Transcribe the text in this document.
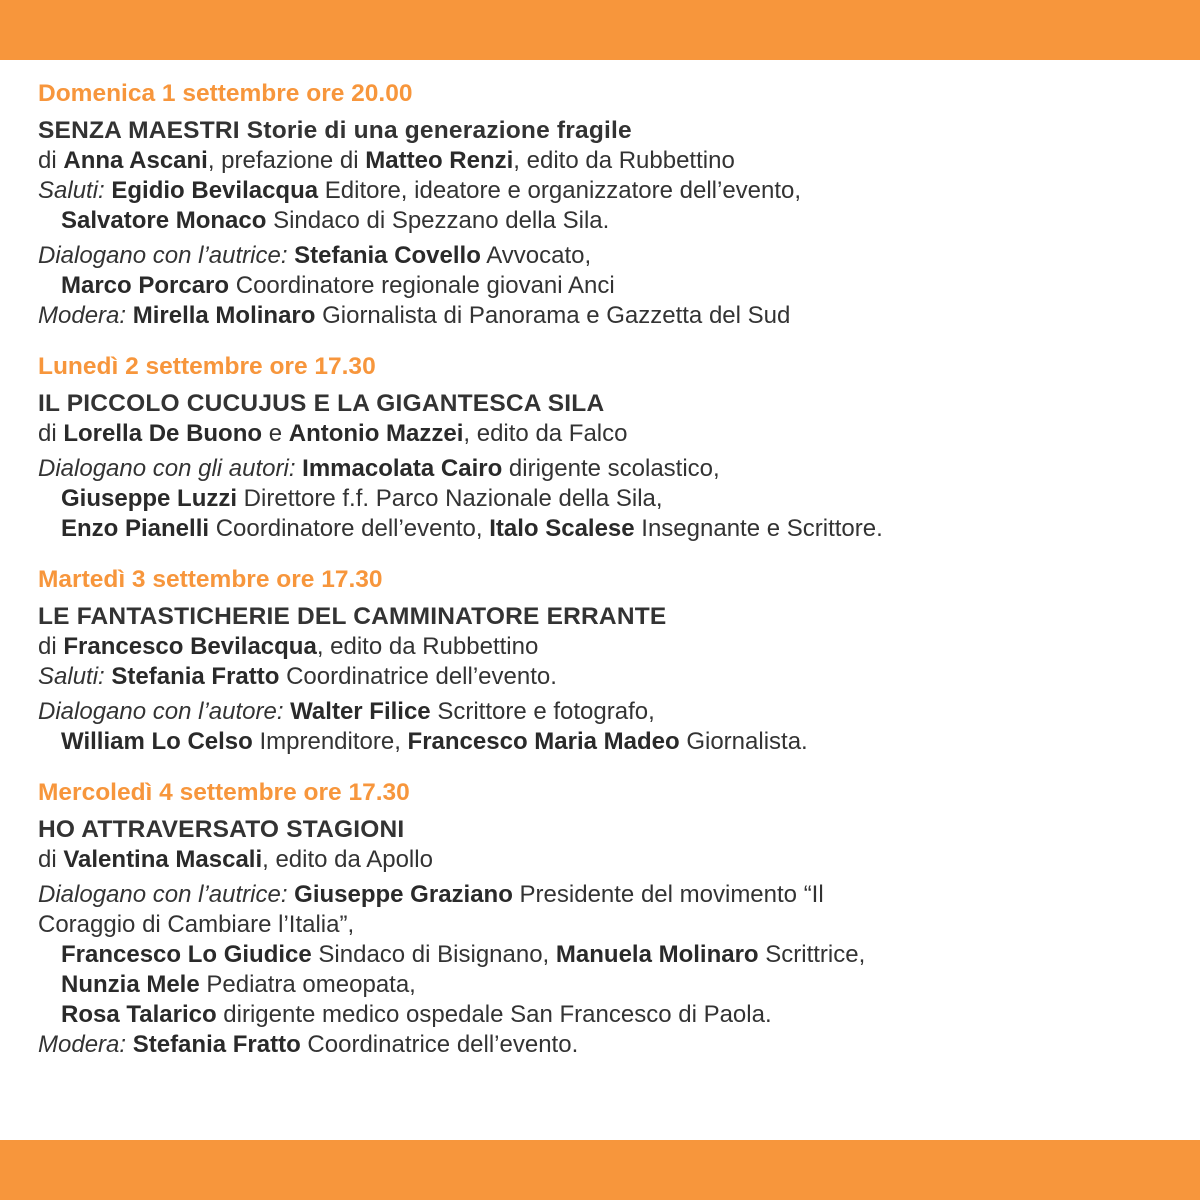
Domenica 1 settembre ore 20.00
SENZA MAESTRI Storie di una generazione fragile
di Anna Ascani, prefazione di Matteo Renzi, edito da Rubbettino
Saluti: Egidio Bevilacqua Editore, ideatore e organizzatore dell’evento,
Salvatore Monaco Sindaco di Spezzano della Sila.
Dialogano con l’autrice: Stefania Covello Avvocato,
Marco Porcaro Coordinatore regionale giovani Anci
Modera: Mirella Molinaro Giornalista di Panorama e Gazzetta del Sud
Lunedì 2 settembre ore 17.30
IL PICCOLO CUCUJUS E LA GIGANTESCA SILA
di Lorella De Buono e Antonio Mazzei, edito da Falco
Dialogano con gli autori: Immacolata Cairo dirigente scolastico,
Giuseppe Luzzi Direttore f.f. Parco Nazionale della Sila,
Enzo Pianelli Coordinatore dell’evento, Italo Scalese Insegnante e Scrittore.
Martedì 3 settembre ore 17.30
LE FANTASTICHERIE DEL CAMMINATORE ERRANTE
di Francesco Bevilacqua, edito da Rubbettino
Saluti: Stefania Fratto Coordinatrice dell’evento.
Dialogano con l’autore: Walter Filice Scrittore e fotografo,
William Lo Celso Imprenditore, Francesco Maria Madeo Giornalista.
Mercoledì 4 settembre ore 17.30
HO ATTRAVERSATO STAGIONI
di Valentina Mascali, edito da Apollo
Dialogano con l’autrice: Giuseppe Graziano Presidente del movimento “Il
Coraggio di Cambiare l’Italia”,
Francesco Lo Giudice Sindaco di Bisignano, Manuela Molinaro Scrittrice,
Nunzia Mele Pediatra omeopata,
Rosa Talarico dirigente medico ospedale San Francesco di Paola.
Modera: Stefania Fratto Coordinatrice dell’evento.
